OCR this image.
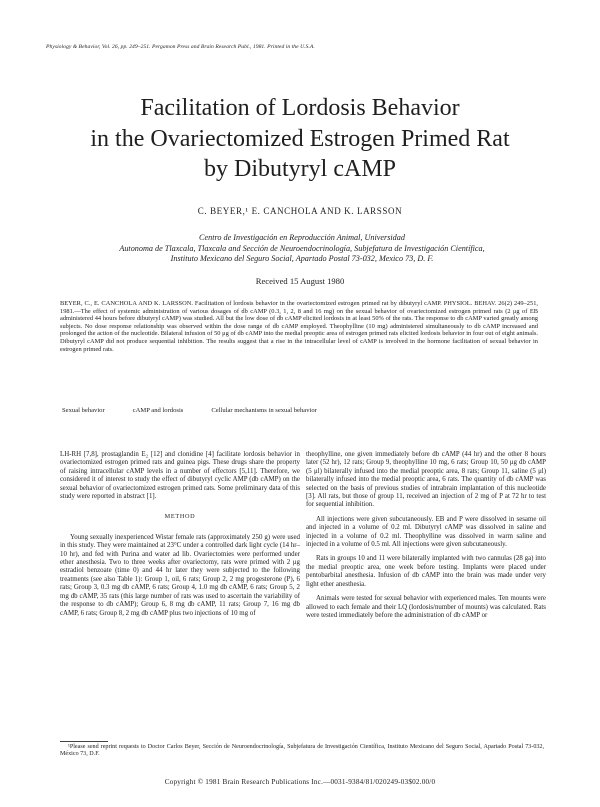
Physiology & Behavior, Vol. 26, pp. 249–251. Pergamon Press and Brain Research Publ., 1981. Printed in the U.S.A.
Facilitation of Lordosis Behavior
in the Ovariectomized Estrogen Primed Rat
by Dibutyryl cAMP
C. BEYER,¹ E. CANCHOLA AND K. LARSSON
Centro de Investigación en Reproducción Animal, Universidad
Autonoma de Tlaxcala, Tlaxcala and Sección de Neuroendocrinología, Subjefatura de Investigación Científica,
Instituto Mexicano del Seguro Social, Apartado Postal 73-032, Mexico 73, D. F.
Received 15 August 1980
BEYER, C., E. CANCHOLA AND K. LARSSON. Facilitation of lordosis behavior in the ovariectomized estrogen primed rat by dibutyryl cAMP. PHYSIOL. BEHAV. 26(2) 249–251, 1981.—The effect of systemic administration of various dosages of db cAMP (0.3, 1, 2, 8 and 16 mg) on the sexual behavior of ovariectomized estrogen primed rats (2 μg of EB administered 44 hours before dibutyryl cAMP) was studied. All but the low dose of db cAMP elicited lordosis in at least 50% of the rats. The response to db cAMP varied greatly among subjects. No dose response relationship was observed within the dose range of db cAMP employed. Theophylline (10 mg) administered simultaneously to db cAMP increased and prolonged the action of the nucleotide. Bilateral infusion of 50 μg of db cAMP into the medial preoptic area of estrogen primed rats elicited lordosis behavior in four out of eight animals. Dibutyryl cAMP did not produce sequential inhibition. The results suggest that a rise in the intracellular level of cAMP is involved in the hormone facilitation of sexual behavior in estrogen primed rats.
Sexual behavior	cAMP and lordosis	Cellular mechanisms in sexual behavior

LH-RH [7,8], prostaglandin E₂ [12] and clonidine [4] facilitate lordosis behavior in ovariectomized estrogen primed rats and guinea pigs. These drugs share the property of raising intracellular cAMP levels in a number of effectors [5,11]. Therefore, we considered it of interest to study the effect of dibutyryl cyclic AMP (db cAMP) on the sexual behavior of ovariectomized estrogen primed rats. Some preliminary data of this study were reported in abstract [1].

METHOD

Young sexually inexperienced Wistar female rats (approximately 250 g) were used in this study. They were maintained at 23°C under a controlled dark light cycle (14 hr–10 hr), and fed with Purina and water ad lib. Ovariectomies were performed under ether anesthesia. Two to three weeks after ovariectomy, rats were primed with 2 μg estradiol benzoate (time 0) and 44 hr later they were subjected to the following treatments (see also Table 1): Group 1, oil, 6 rats; Group 2, 2 mg progesterone (P), 6 rats; Group 3, 0.3 mg db cAMP, 6 rats; Group 4, 1.0 mg db cAMP, 6 rats; Group 5, 2 mg db cAMP, 35 rats (this large number of rats was used to ascertain the variability of the response to db cAMP); Group 6, 8 mg db cAMP, 11 rats; Group 7, 16 mg db cAMP, 6 rats; Group 8, 2 mg db cAMP plus two injections of 10 mg of

theophylline, one given immediately before db cAMP (44 hr) and the other 8 hours later (52 hr), 12 rats; Group 9, theophylline 10 mg, 6 rats; Group 10, 50 μg db cAMP (5 μl) bilaterally infused into the medial preoptic area, 8 rats; Group 11, saline (5 μl) bilaterally infused into the medial preoptic area, 6 rats. The quantity of db cAMP was selected on the basis of previous studies of intrabrain implantation of this nucleotide [3]. All rats, but those of group 11, received an injection of 2 mg of P at 72 hr to test for sequential inhibition.

All injections were given subcutaneously. EB and P were dissolved in sesame oil and injected in a volume of 0.2 ml. Dibutyryl cAMP was dissolved in saline and injected in a volume of 0.2 ml. Theophylline was dissolved in warm saline and injected in a volume of 0.5 ml. All injections were given subcutaneously.

Rats in groups 10 and 11 were bilaterally implanted with two cannulas (28 ga) into the medial preoptic area, one week before testing. Implants were placed under pentobarbital anesthesia. Infusion of db cAMP into the brain was made under very light ether anesthesia.

Animals were tested for sexual behavior with experienced males. Ten mounts were allowed to each female and their LQ (lordosis/number of mounts) was calculated. Rats were tested immediately before the administration of db cAMP or

¹Please send reprint requests to Doctor Carlos Beyer, Sección de Neuroendocrinología, Subjefatura de Investigación Científica, Instituto Mexicano del Seguro Social, Apartado Postal 73-032, México 73, D.F.
Copyright © 1981 Brain Research Publications Inc.—0031-9384/81/020249-03$02.00/0
